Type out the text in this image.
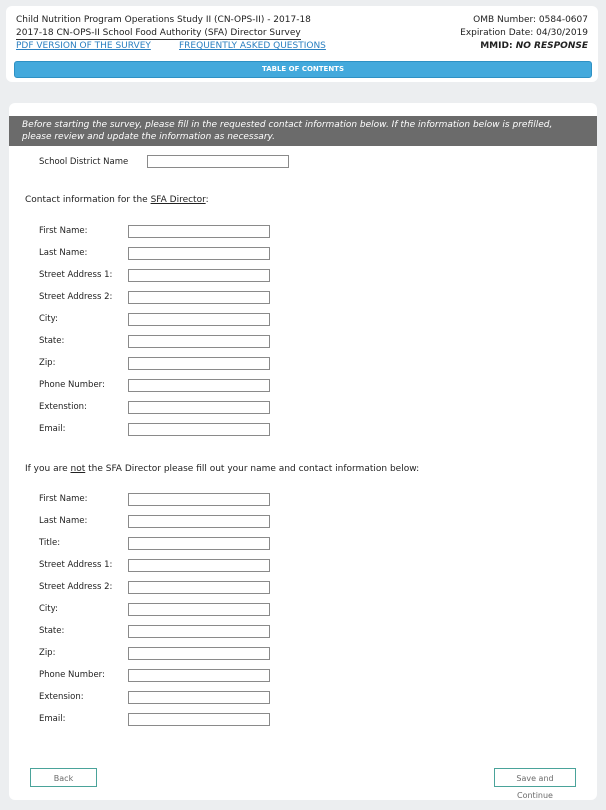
Child Nutrition Program Operations Study II (CN-OPS-II) - 2017-18
2017-18 CN-OPS-II School Food Authority (SFA) Director Survey
PDF VERSION OF THE SURVEY	FREQUENTLY ASKED QUESTIONS
OMB Number: 0584-0607
Expiration Date: 04/30/2019
MMID: NO RESPONSE
TABLE OF CONTENTS
Before starting the survey, please fill in the requested contact information below. If the information below is prefilled,
please review and update the information as necessary.
School District Name
Contact information for the SFA Director:
First Name:
Last Name:
Street Address 1:
Street Address 2:
City:
State:
Zip:
Phone Number:
Extenstion:
Email:
If you are not the SFA Director please fill out your name and contact information below:
First Name:
Last Name:
Title:
Street Address 1:
Street Address 2:
City:
State:
Zip:
Phone Number:
Extension:
Email:
Back	Save and Continue
